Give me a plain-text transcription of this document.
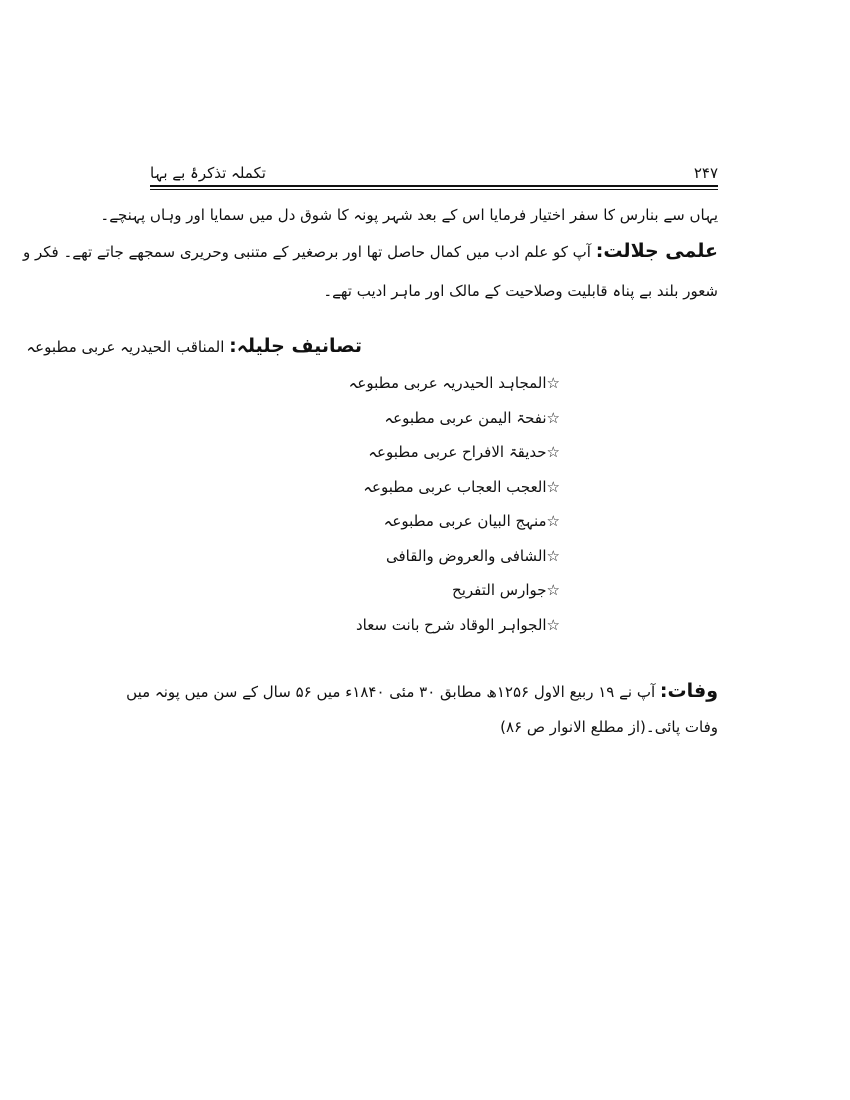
تکملہ تذکرۂ بے بہا	۲۴۷
یہاں سے بنارس کا سفر اختیار فرمایا اس کے بعد شہر پونہ کا شوق دل میں سمایا اور وہاں پہنچے۔
علمی جلالت: آپ کو علم ادب میں کمال حاصل تھا اور برصغیر کے متنبی وحریری سمجھے جاتے تھے۔ فکر و
شعور بلند بے پناہ قابلیت وصلاحیت کے مالک اور ماہر ادیب تھے۔
تصانیف جلیلہ: المناقب الحیدریہ عربی مطبوعہ
☆المجاہد الحیدریہ عربی مطبوعہ
☆نفحۃ الیمن عربی مطبوعہ
☆حدیقۃ الافراح عربی مطبوعہ
☆العجب العجاب عربی مطبوعہ
☆منہج البیان عربی مطبوعہ
☆الشافی والعروض والقافی
☆جوارس التفریح
☆الجواہر الوقاد شرح بانت سعاد
وفات: آپ نے ۱۹ ربیع الاول ۱۲۵۶ھ مطابق ۳۰ مئی ۱۸۴۰ء میں ۵۶ سال کے سن میں پونہ میں
وفات پائی۔(از مطلع الانوار ص ۸۶)
